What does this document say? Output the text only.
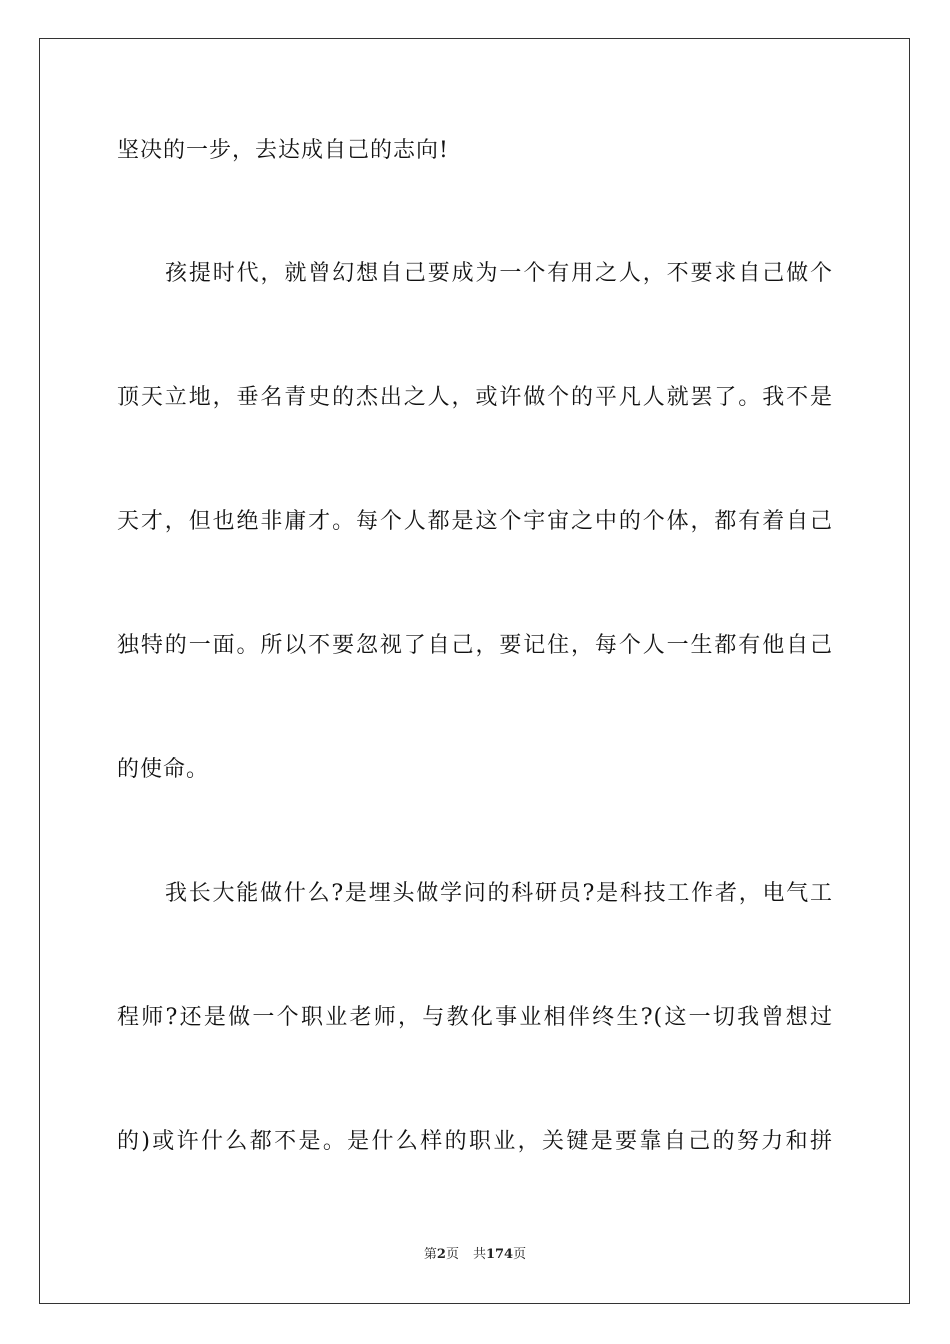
坚决的一步，去达成自己的志向!
孩提时代，就曾幻想自己要成为一个有用之人，不要求自己做个
顶天立地，垂名青史的杰出之人，或许做个的平凡人就罢了。我不是
天才，但也绝非庸才。每个人都是这个宇宙之中的个体，都有着自己
独特的一面。所以不要忽视了自己，要记住，每个人一生都有他自己
的使命。
我长大能做什么?是埋头做学问的科研员?是科技工作者，电气工
程师?还是做一个职业老师，与教化事业相伴终生?(这一切我曾想过
的)或许什么都不是。是什么样的职业，关键是要靠自己的努力和拼
第2页 共174页
